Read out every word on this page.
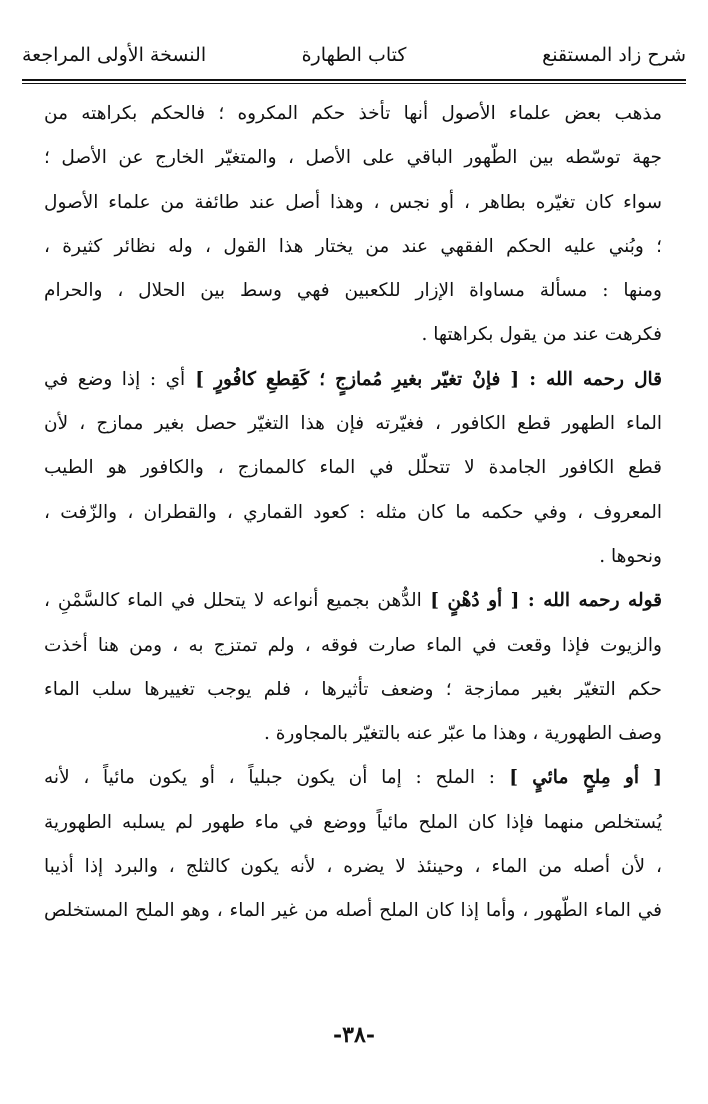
شرح زاد المستقنع
كتاب الطهارة
النسخة الأولى المراجعة
مذهب بعض علماء الأصول أنها تأخذ حكم المكروه ؛ فالحكم بكراهته من
جهة توسّطه بين الطّهور الباقي على الأصل ، والمتغيّر الخارج عن الأصل ؛
سواء كان تغيّره بطاهر ، أو نجس ، وهذا أصل عند طائفة من علماء الأصول
؛ وبُني عليه الحكم الفقهي عند من يختار هذا القول ، وله نظائر كثيرة ،
ومنها : مسألة مساواة الإزار للكعبين فهي وسط بين الحلال ، والحرام
فكرهت عند من يقول بكراهتها .
قال رحمه الله : [ فإنْ تغيّر بغيرِ مُمازجٍ ؛ كَقِطعِ كافُورٍ ] أي : إذا وضع في
الماء الطهور قطع الكافور ، فغيّرته فإن هذا التغيّر حصل بغير ممازج ، لأن
قطع الكافور الجامدة لا تتحلّل في الماء كالممازج ، والكافور هو الطيب
المعروف ، وفي حكمه ما كان مثله : كعود القماري ، والقطران ، والزّفت ،
ونحوها .
قوله رحمه الله : [ أو دُهْنٍ ] الدُّهن بجميع أنواعه لا يتحلل في الماء كالسَّمْنِ ،
والزيوت فإذا وقعت في الماء صارت فوقه ، ولم تمتزج به ، ومن هنا أخذت
حكم التغيّر بغير ممازجة ؛ وضعف تأثيرها ، فلم يوجب تغييرها سلب الماء
وصف الطهورية ، وهذا ما عبّر عنه بالتغيّر بالمجاورة .
[ أو مِلحٍ مائيٍ ] : الملح : إما أن يكون جبلياً ، أو يكون مائياً ، لأنه
يُستخلص منهما فإذا كان الملح مائياً ووضع في ماء طهور لم يسلبه الطهورية
، لأن أصله من الماء ، وحينئذ لا يضره ، لأنه يكون كالثلج ، والبرد إذا أذيبا
في الماء الطّهور ، وأما إذا كان الملح أصله من غير الماء ، وهو الملح المستخلص
-٣٨-
